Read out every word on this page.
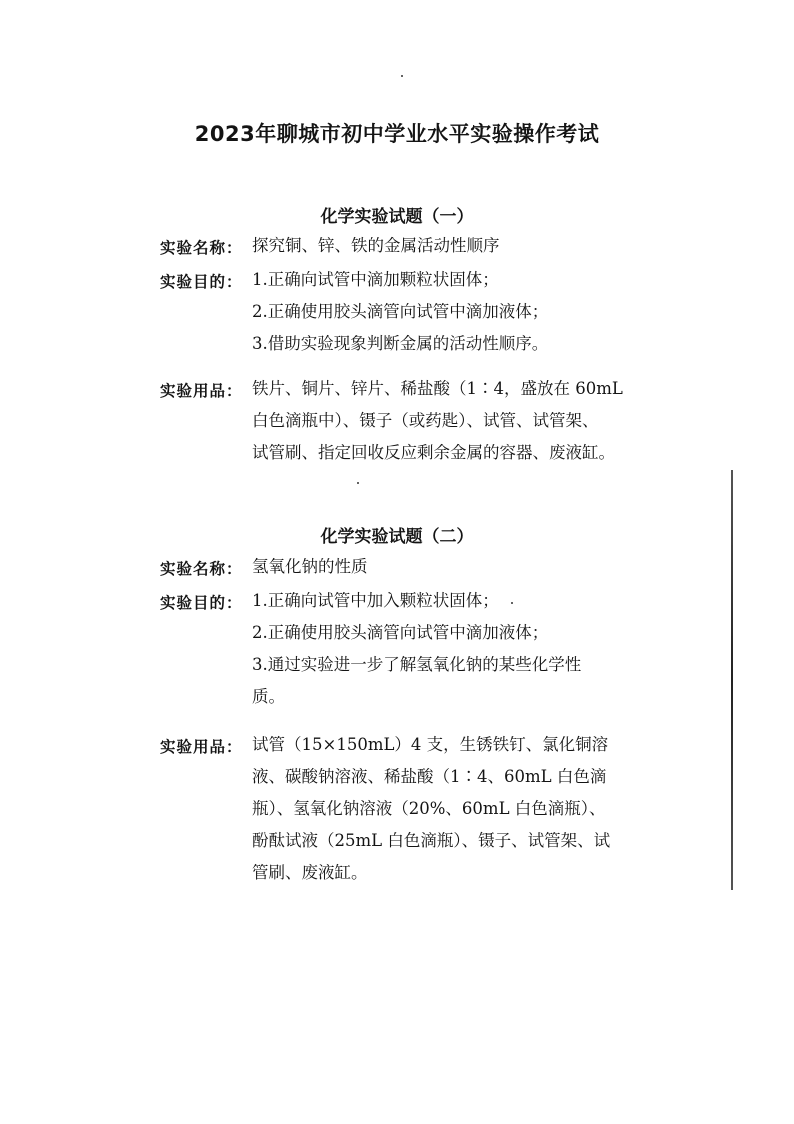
2023年聊城市初中学业水平实验操作考试
化学实验试题（一）
实验名称： 探究铜、锌、铁的金属活动性顺序
实验目的： 1.正确向试管中滴加颗粒状固体；
2.正确使用胶头滴管向试管中滴加液体；
3.借助实验现象判断金属的活动性顺序。
实验用品： 铁片、铜片、锌片、稀盐酸（1∶4，盛放在 60mL
白色滴瓶中）、镊子（或药匙）、试管、试管架、
试管刷、指定回收反应剩余金属的容器、废液缸。
化学实验试题（二）
实验名称： 氢氧化钠的性质
实验目的： 1.正确向试管中加入颗粒状固体；
2.正确使用胶头滴管向试管中滴加液体；
3.通过实验进一步了解氢氧化钠的某些化学性
质。
实验用品： 试管（15×150mL）4 支，生锈铁钉、氯化铜溶
液、碳酸钠溶液、稀盐酸（1∶4、60mL 白色滴
瓶）、氢氧化钠溶液（20%、60mL 白色滴瓶）、
酚酞试液（25mL 白色滴瓶）、镊子、试管架、试
管刷、废液缸。
